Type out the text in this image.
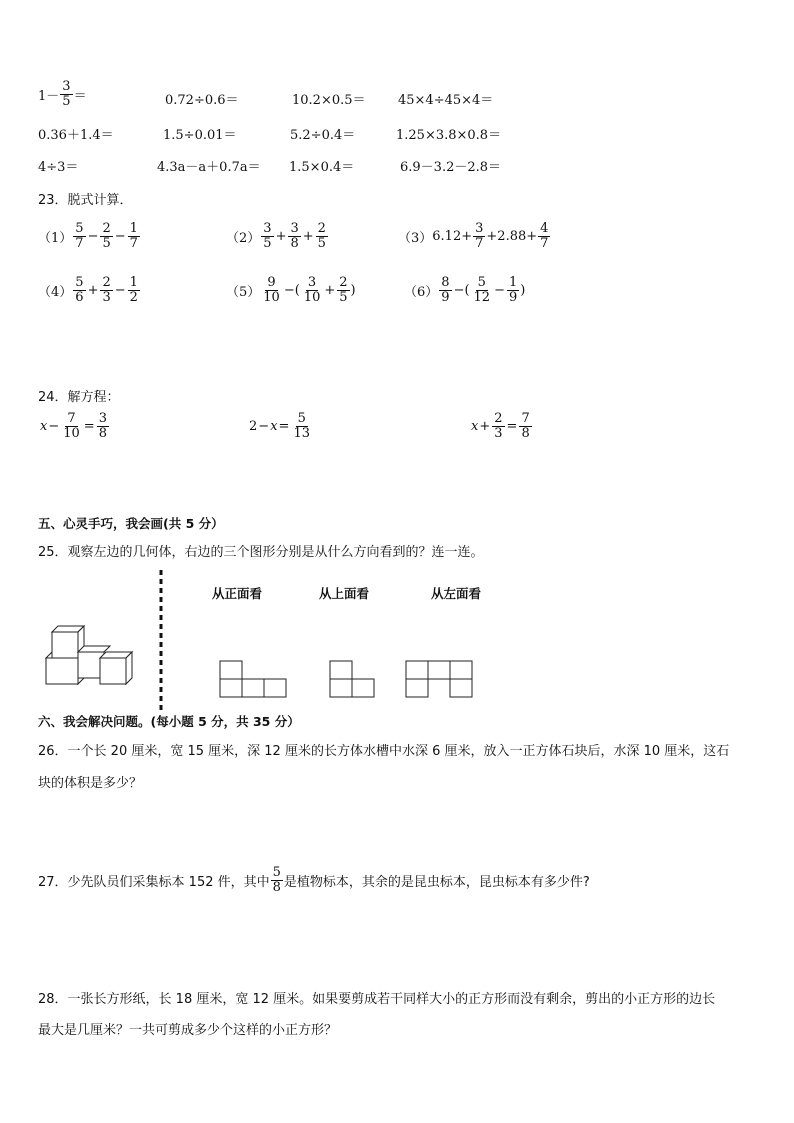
$1- \frac{3}{5}$ ＝	0.72÷0.6＝	10.2×0.5＝ 45×4÷45×4＝
0.36＋1.4＝	1.5÷0.01＝	5.2÷0.4＝	1.25×3.8×0.8＝
4÷3＝	4.3a－a＋0.7a＝ 1.5×0.4＝	6.9－3.2－2.8＝
23．脱式计算．
$(1) \frac{5}{7} - \frac{2}{5} - \frac{1}{7}$	$(2) \frac{3}{5} + \frac{3}{8} + \frac{2}{5}$	（3） $6.12+ \frac{3}{7} +2.88+ \frac{4}{7}$
$(4) \frac{5}{6} + \frac{2}{3} - \frac{1}{2}$	$(5) \frac{9}{10}$ −( $\frac{3}{10} + \frac{2}{5}$ )	$(6) \frac{8}{9}$ −( $\frac{5}{12} - \frac{1}{9}$ )
24．解方程：
$x - \frac{7}{10} = \frac{3}{8}$	$2 - x = \frac{5}{13}$	$x + \frac{2}{3} = \frac{7}{8}$
五、心灵手巧，我会画(共 5 分）
25．观察左边的几何体，右边的三个图形分别是从什么方向看到的？连一连。
从正面看	从上面看	从左面看
六、我会解决问题。(每小题 5 分，共 35 分）
26．一个长 20 厘米，宽 15 厘米，深 12 厘米的长方体水槽中水深 6 厘米，放入一正方体石块后，水深 10 厘米，这石
块的体积是多少？
27．少先队员们采集标本 152 件，其中 $\frac{5}{8}$ 是植物标本，其余的是昆虫标本，昆虫标本有多少件?
28．一张长方形纸，长 18 厘米，宽 12 厘米。如果要剪成若干同样大小的正方形而没有剩余，剪出的小正方形的边长
最大是几厘米？一共可剪成多少个这样的小正方形？
